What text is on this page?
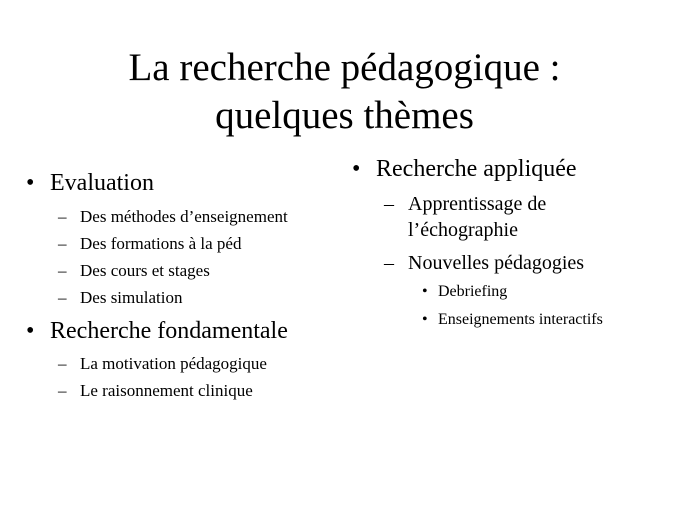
La recherche pédagogique :
quelques thèmes
• Evaluation
– Des méthodes d’enseignement
– Des formations à la péd
– Des cours et stages
– Des simulation
• Recherche fondamentale
– La motivation pédagogique
– Le raisonnement clinique
• Recherche appliquée
– Apprentissage de
l’échographie
– Nouvelles pédagogies
• Debriefing
• Enseignements interactifs
